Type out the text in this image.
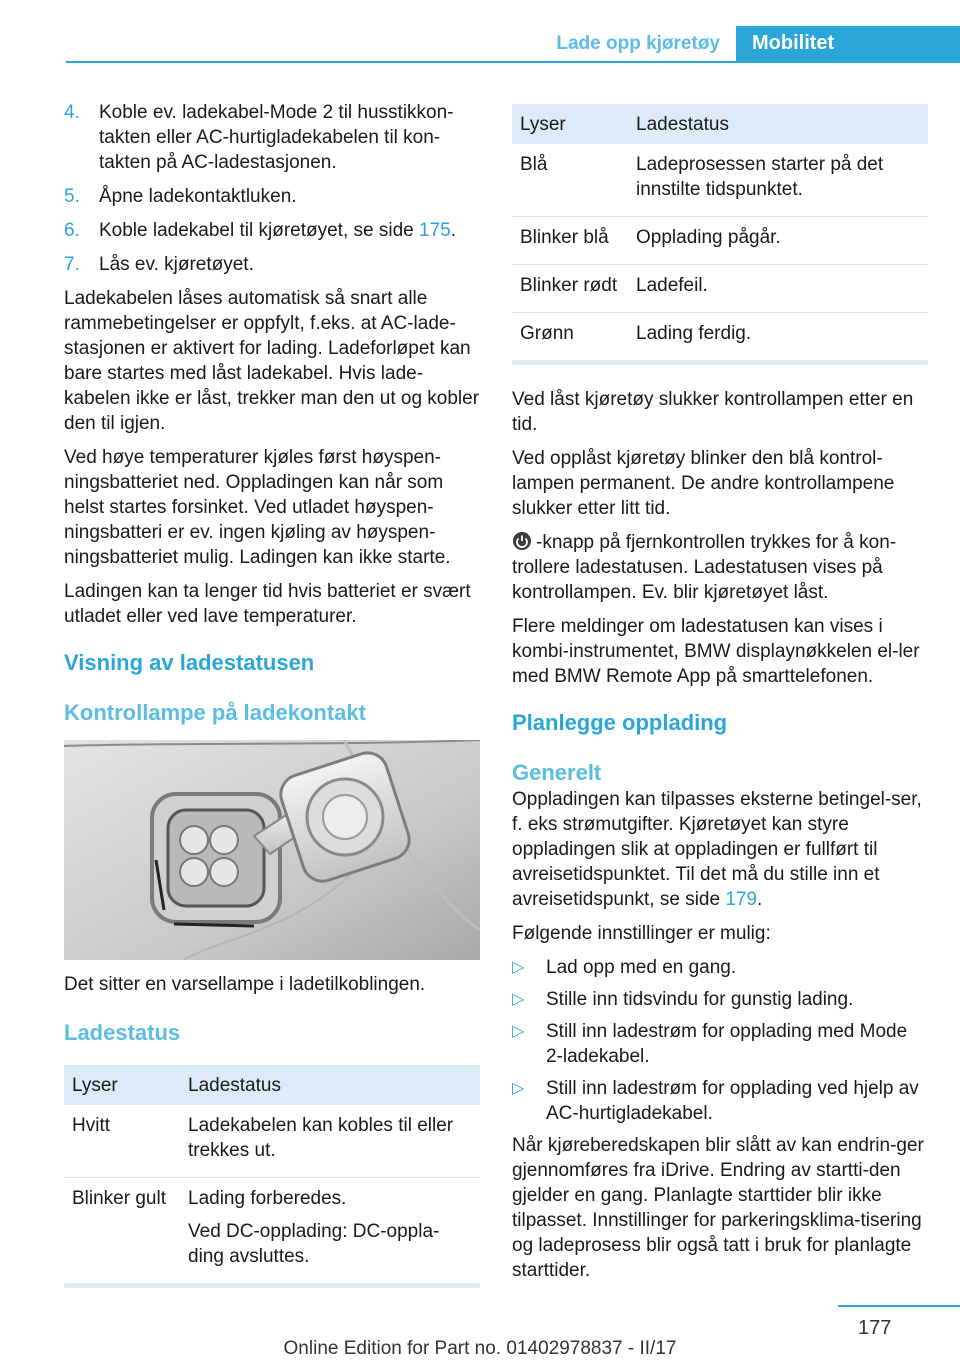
Lade opp kjøretøy	Mobilitet
4.	Koble ev. ladekabel-Mode 2 til husstikkon-takten eller AC-hurtigladekabelen til kon-takten på AC-ladestasjonen.
5.	Åpne ladekontaktluken.
6.	Koble ladekabel til kjøretøyet, se side 175.
7.	Lås ev. kjøretøyet.

Ladekabelen låses automatisk så snart alle rammebetingelser er oppfylt, f.eks. at AC-lade-stasjonen er aktivert for lading. Ladeforløpet kan bare startes med låst ladekabel. Hvis lade-kabelen ikke er låst, trekker man den ut og kobler den til igjen.

Ved høye temperaturer kjøles først høyspen-ningsbatteriet ned. Oppladingen kan når som helst startes forsinket. Ved utladet høyspen-ningsbatteri er ev. ingen kjøling av høyspen-ningsbatteriet mulig. Ladingen kan ikke starte.

Ladingen kan ta lenger tid hvis batteriet er svært utladet eller ved lave temperaturer.

Visning av ladestatusen
Kontrollampe på ladekontakt

Det sitter en varsellampe i ladetilkoblingen.

Ladestatus
Lyser	Ladestatus
Hvitt	Ladekabelen kan kobles til eller trekkes ut.
Blinker gult	Lading forberedes.

Ved DC-opplading: DC-oppla-ding avsluttes.

Lyser	Ladestatus
Blå	Ladeprosessen starter på det innstilte tidspunktet.
Blinker blå	Opplading pågår.
Blinker rødt	Ladefeil.
Grønn	Lading ferdig.

Ved låst kjøretøy slukker kontrollampen etter en tid.

Ved opplåst kjøretøy blinker den blå kontrol-lampen permanent. De andre kontrollampene slukker etter litt tid.

-knapp på fjernkontrollen trykkes for å kon-trollere ladestatusen. Ladestatusen vises på kontrollampen. Ev. blir kjøretøyet låst.

Flere meldinger om ladestatusen kan vises i kombi-instrumentet, BMW displaynøkkelen el-ler med BMW Remote App på smarttelefonen.

Planlegge opplading
Generelt

Oppladingen kan tilpasses eksterne betingel-ser, f. eks strømutgifter. Kjøretøyet kan styre oppladingen slik at oppladingen er fullført til avreisetidspunktet. Til det må du stille inn et avreisetidspunkt, se side 179.

Følgende innstillinger er mulig:

▷	Lad opp med en gang.
▷	Stille inn tidsvindu for gunstig lading.
▷	Still inn ladestrøm for opplading med Mode 2-ladekabel.
▷	Still inn ladestrøm for opplading ved hjelp av AC-hurtigladekabel.

Når kjøreberedskapen blir slått av kan endrin-ger gjennomføres fra iDrive. Endring av startti-den gjelder en gang. Planlagte starttider blir ikke tilpasset. Innstillinger for parkeringsklima-tisering og ladeprosess blir også tatt i bruk for planlagte starttider.

177
Online Edition for Part no. 01402978837 - II/17
